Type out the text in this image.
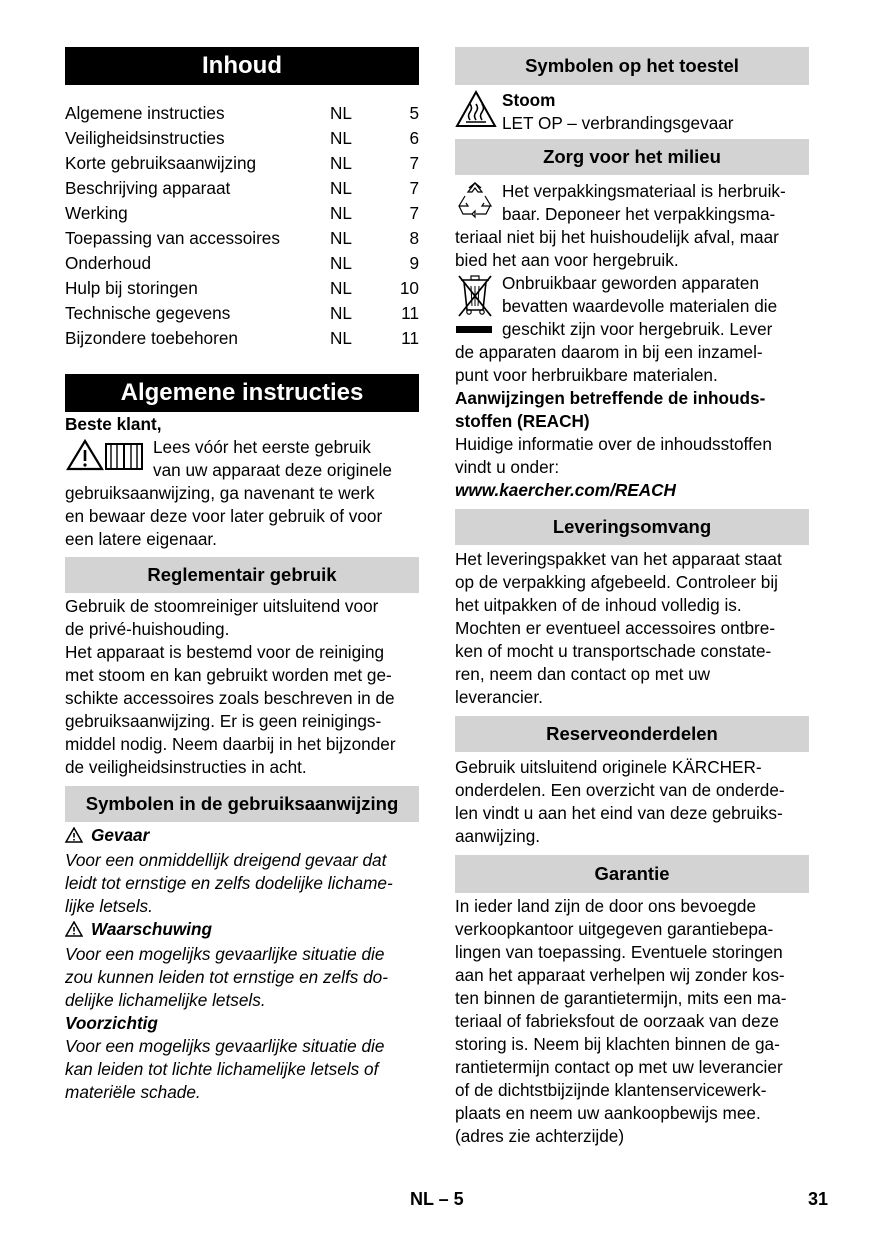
Inhoud
Algemene instructies	NL	5
Veiligheidsinstructies	NL	6
Korte gebruiksaanwijzing	NL	7
Beschrijving apparaat	NL	7
Werking	NL	7
Toepassing van accessoires	NL	8
Onderhoud	NL	9
Hulp bij storingen	NL	10
Technische gegevens	NL	11
Bijzondere toebehoren	NL	11
Algemene instructies

Beste klant,

Lees vóór het eerste gebruik

van uw apparaat deze originele

gebruiksaanwijzing, ga navenant te werk

en bewaar deze voor later gebruik of voor

een latere eigenaar.

Reglementair gebruik

Gebruik de stoomreiniger uitsluitend voor

de privé-huishouding.

Het apparaat is bestemd voor de reiniging

met stoom en kan gebruikt worden met ge-

schikte accessoires zoals beschreven in de

gebruiksaanwijzing. Er is geen reinigings-

middel nodig. Neem daarbij in het bijzonder

de veiligheidsinstructies in acht.

Symbolen in de gebruiksaanwijzing

Gevaar

Voor een onmiddellijk dreigend gevaar dat

leidt tot ernstige en zelfs dodelijke lichame-

lijke letsels.

Waarschuwing

Voor een mogelijks gevaarlijke situatie die

zou kunnen leiden tot ernstige en zelfs do-

delijke lichamelijke letsels.

Voorzichtig

Voor een mogelijks gevaarlijke situatie die

kan leiden tot lichte lichamelijke letsels of

materiële schade.

Symbolen op het toestel

Stoom

LET OP – verbrandingsgevaar

Zorg voor het milieu

Het verpakkingsmateriaal is herbruik-

baar. Deponeer het verpakkingsma-

teriaal niet bij het huishoudelijk afval, maar

bied het aan voor hergebruik.

Onbruikbaar geworden apparaten

bevatten waardevolle materialen die

geschikt zijn voor hergebruik. Lever

de apparaten daarom in bij een inzamel-

punt voor herbruikbare materialen.

Aanwijzingen betreffende de inhouds-

stoffen (REACH)

Huidige informatie over de inhoudsstoffen

vindt u onder:

www.kaercher.com/REACH

Leveringsomvang

Het leveringspakket van het apparaat staat

op de verpakking afgebeeld. Controleer bij

het uitpakken of de inhoud volledig is.

Mochten er eventueel accessoires ontbre-

ken of mocht u transportschade constate-

ren, neem dan contact op met uw

leverancier.

Reserveonderdelen

Gebruik uitsluitend originele KÄRCHER-

onderdelen. Een overzicht van de onderde-

len vindt u aan het eind van deze gebruiks-

aanwijzing.

Garantie

In ieder land zijn de door ons bevoegde

verkoopkantoor uitgegeven garantiebepa-

lingen van toepassing. Eventuele storingen

aan het apparaat verhelpen wij zonder kos-

ten binnen de garantietermijn, mits een ma-

teriaal of fabrieksfout de oorzaak van deze

storing is. Neem bij klachten binnen de ga-

rantietermijn contact op met uw leverancier

of de dichtstbijzijnde klantenservicewerk-

plaats en neem uw aankoopbewijs mee.

(adres zie achterzijde)

NL – 5	31
